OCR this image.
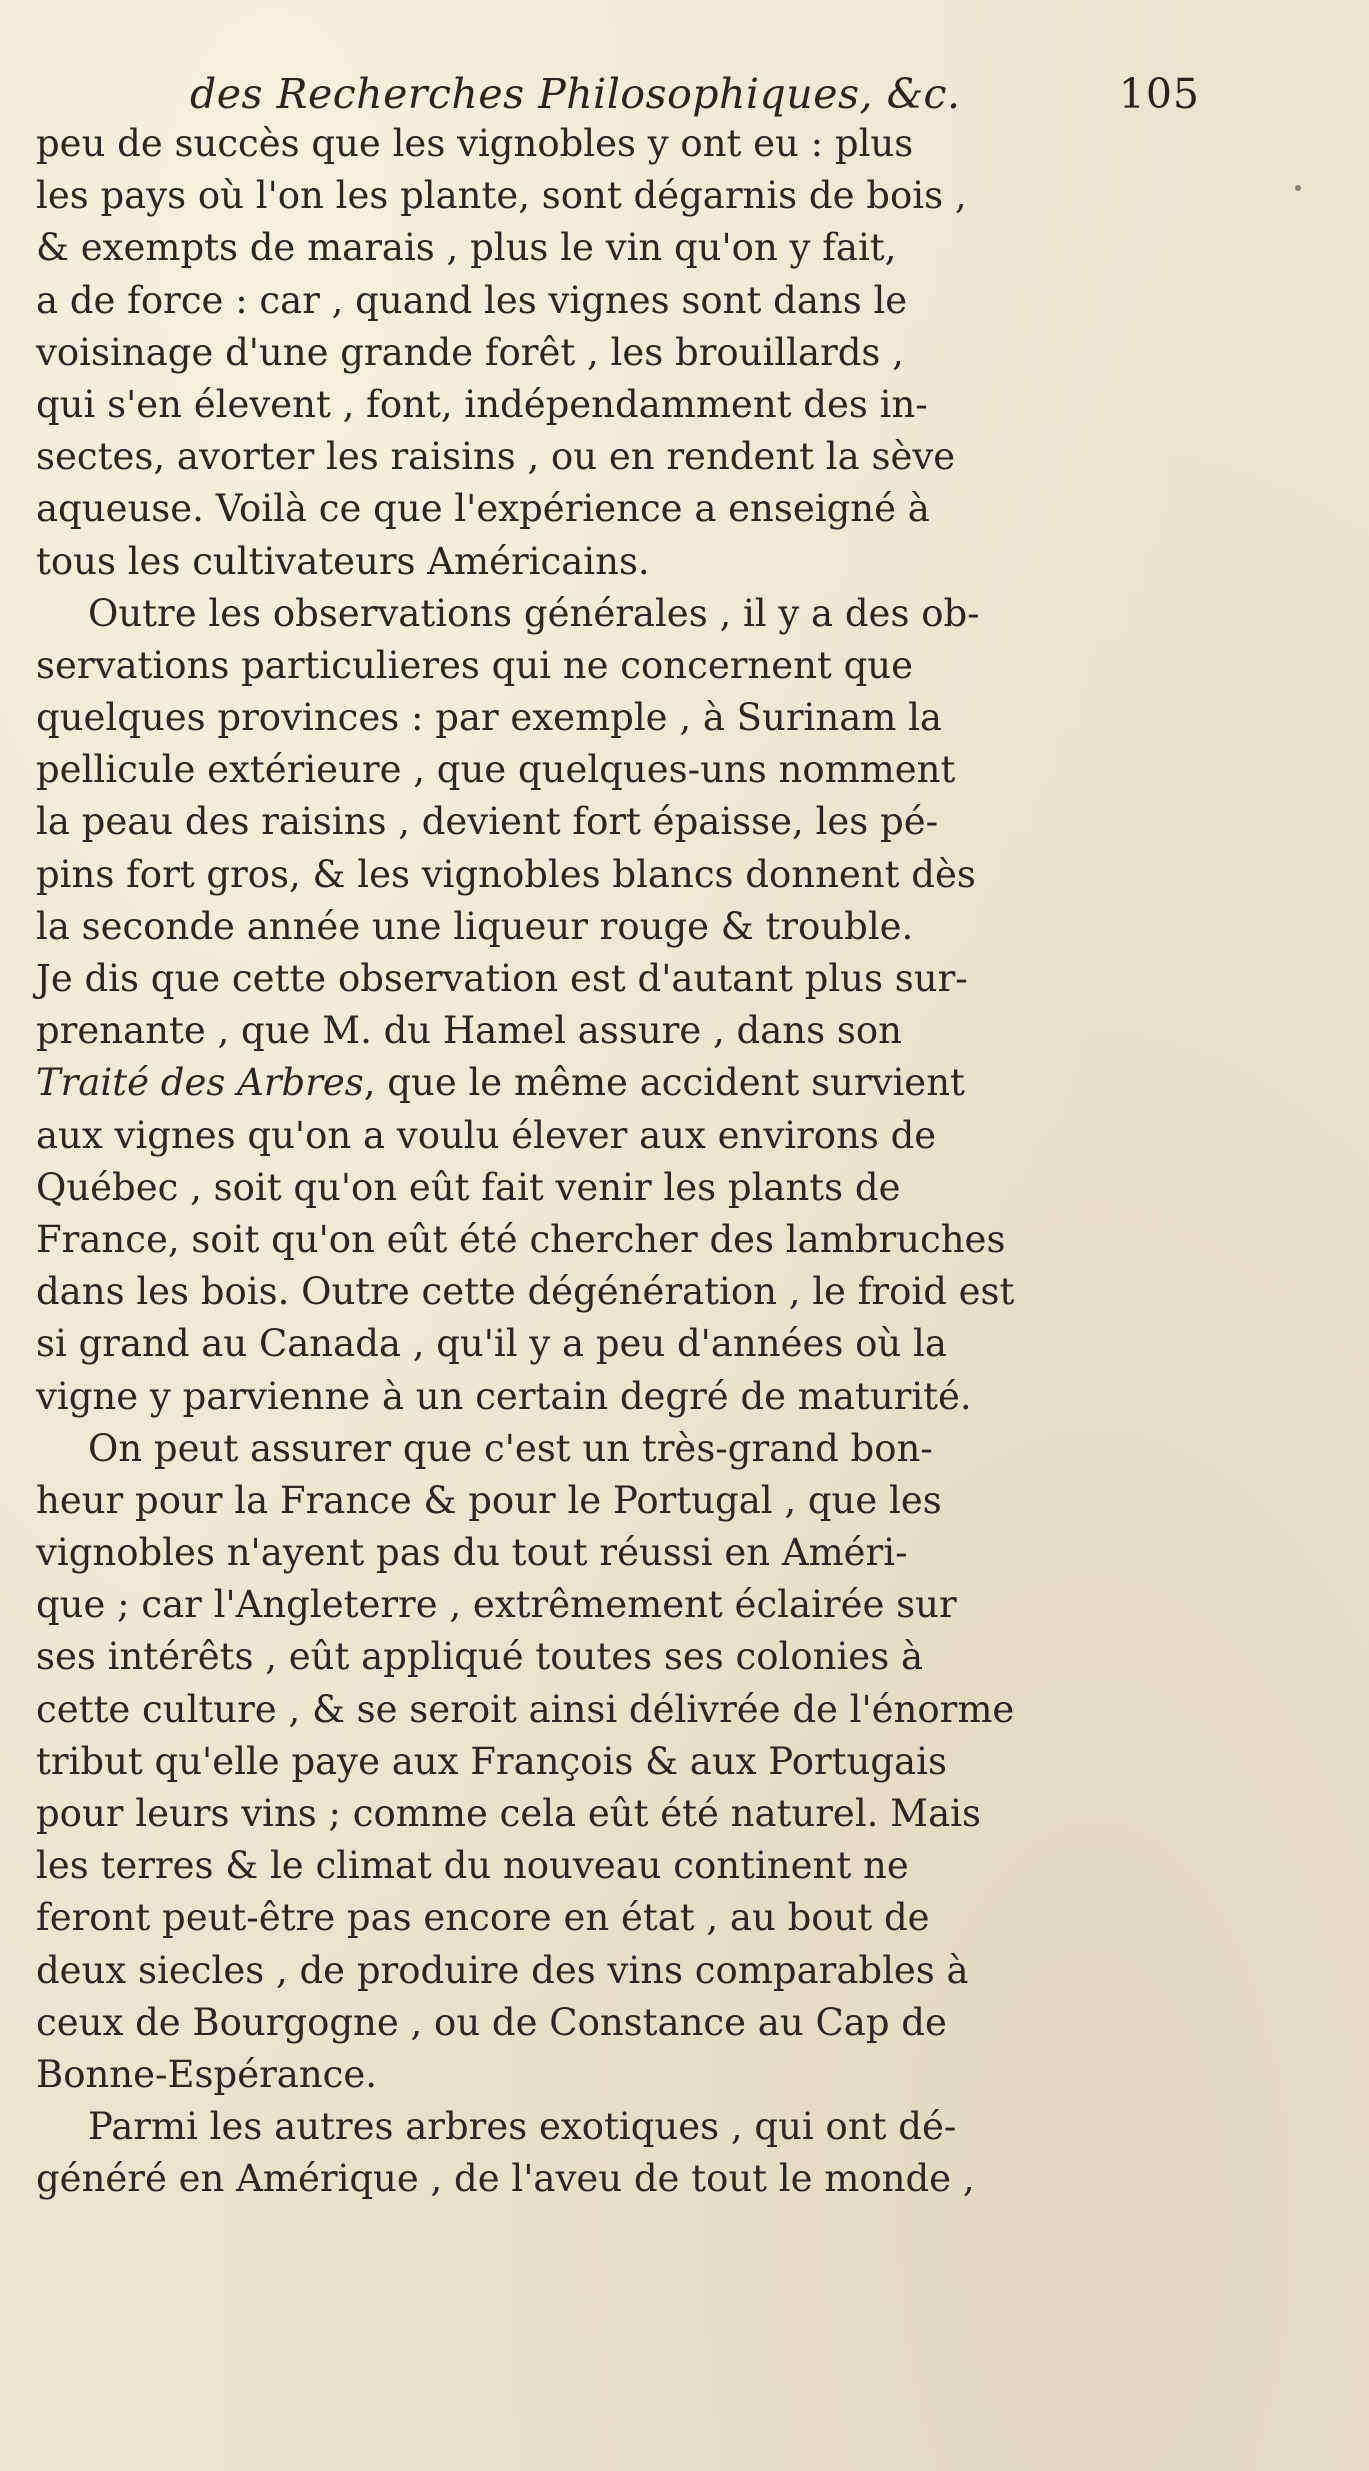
des Recherches Philosophiques, &c.	105
peu de succès que les vignobles y ont eu : plus
les pays où l'on les plante, sont dégarnis de bois ,
& exempts de marais , plus le vin qu'on y fait,
a de force : car , quand les vignes sont dans le
voisinage d'une grande forêt , les brouillards ,
qui s'en élevent , font, indépendamment des in-
sectes, avorter les raisins , ou en rendent la sève
aqueuse. Voilà ce que l'expérience a enseigné à
tous les cultivateurs Américains.
Outre les observations générales , il y a des ob-
servations particulieres qui ne concernent que
quelques provinces : par exemple , à Surinam la
pellicule extérieure , que quelques-uns nomment
la peau des raisins , devient fort épaisse, les pé-
pins fort gros, & les vignobles blancs donnent dès
la seconde année une liqueur rouge & trouble.
Je dis que cette observation est d'autant plus sur-
prenante , que M. du Hamel assure , dans son
Traité des Arbres, que le même accident survient
aux vignes qu'on a voulu élever aux environs de
Québec , soit qu'on eût fait venir les plants de
France, soit qu'on eût été chercher des lambruches
dans les bois. Outre cette dégénération , le froid est
si grand au Canada , qu'il y a peu d'années où la
vigne y parvienne à un certain degré de maturité.
On peut assurer que c'est un très-grand bon-
heur pour la France & pour le Portugal , que les
vignobles n'ayent pas du tout réussi en Améri-
que ; car l'Angleterre , extrêmement éclairée sur
ses intérêts , eût appliqué toutes ses colonies à
cette culture , & se seroit ainsi délivrée de l'énorme
tribut qu'elle paye aux François & aux Portugais
pour leurs vins ; comme cela eût été naturel. Mais
les terres & le climat du nouveau continent ne
feront peut-être pas encore en état , au bout de
deux siecles , de produire des vins comparables à
ceux de Bourgogne , ou de Constance au Cap de
Bonne-Espérance.
Parmi les autres arbres exotiques , qui ont dé-
généré en Amérique , de l'aveu de tout le monde ,
